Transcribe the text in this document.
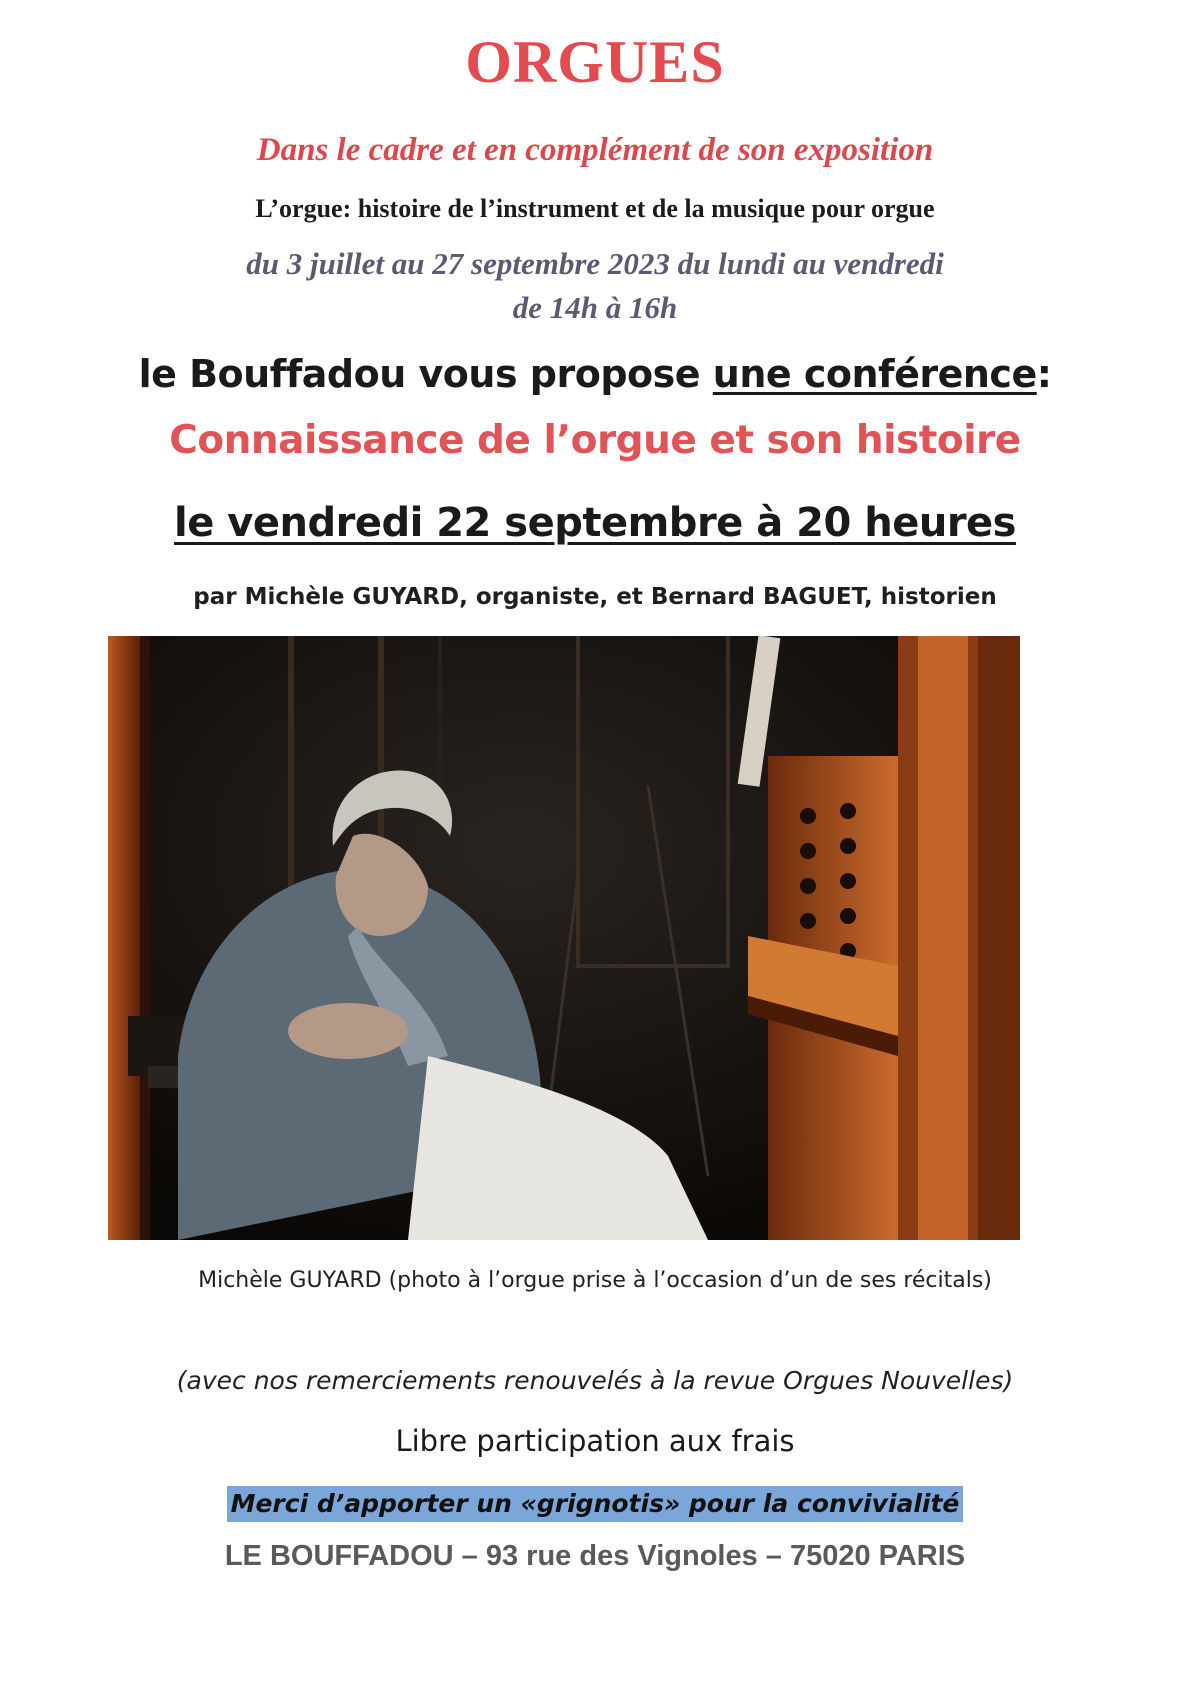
ORGUES
Dans le cadre et en complément de son exposition
L’orgue: histoire de l’instrument et de la musique pour orgue
du 3 juillet au 27 septembre 2023 du lundi au vendredi
de 14h à 16h
le Bouffadou vous propose une conférence:
Connaissance de l’orgue et son histoire
le vendredi 22 septembre à 20 heures
par Michèle GUYARD, organiste, et Bernard BAGUET, historien
Michèle GUYARD (photo à l’orgue prise à l’occasion d’un de ses récitals)
(avec nos remerciements renouvelés à la revue Orgues Nouvelles)
Libre participation aux frais
Merci d’apporter un «grignotis» pour la convivialité
LE BOUFFADOU – 93 rue des Vignoles – 75020 PARIS
